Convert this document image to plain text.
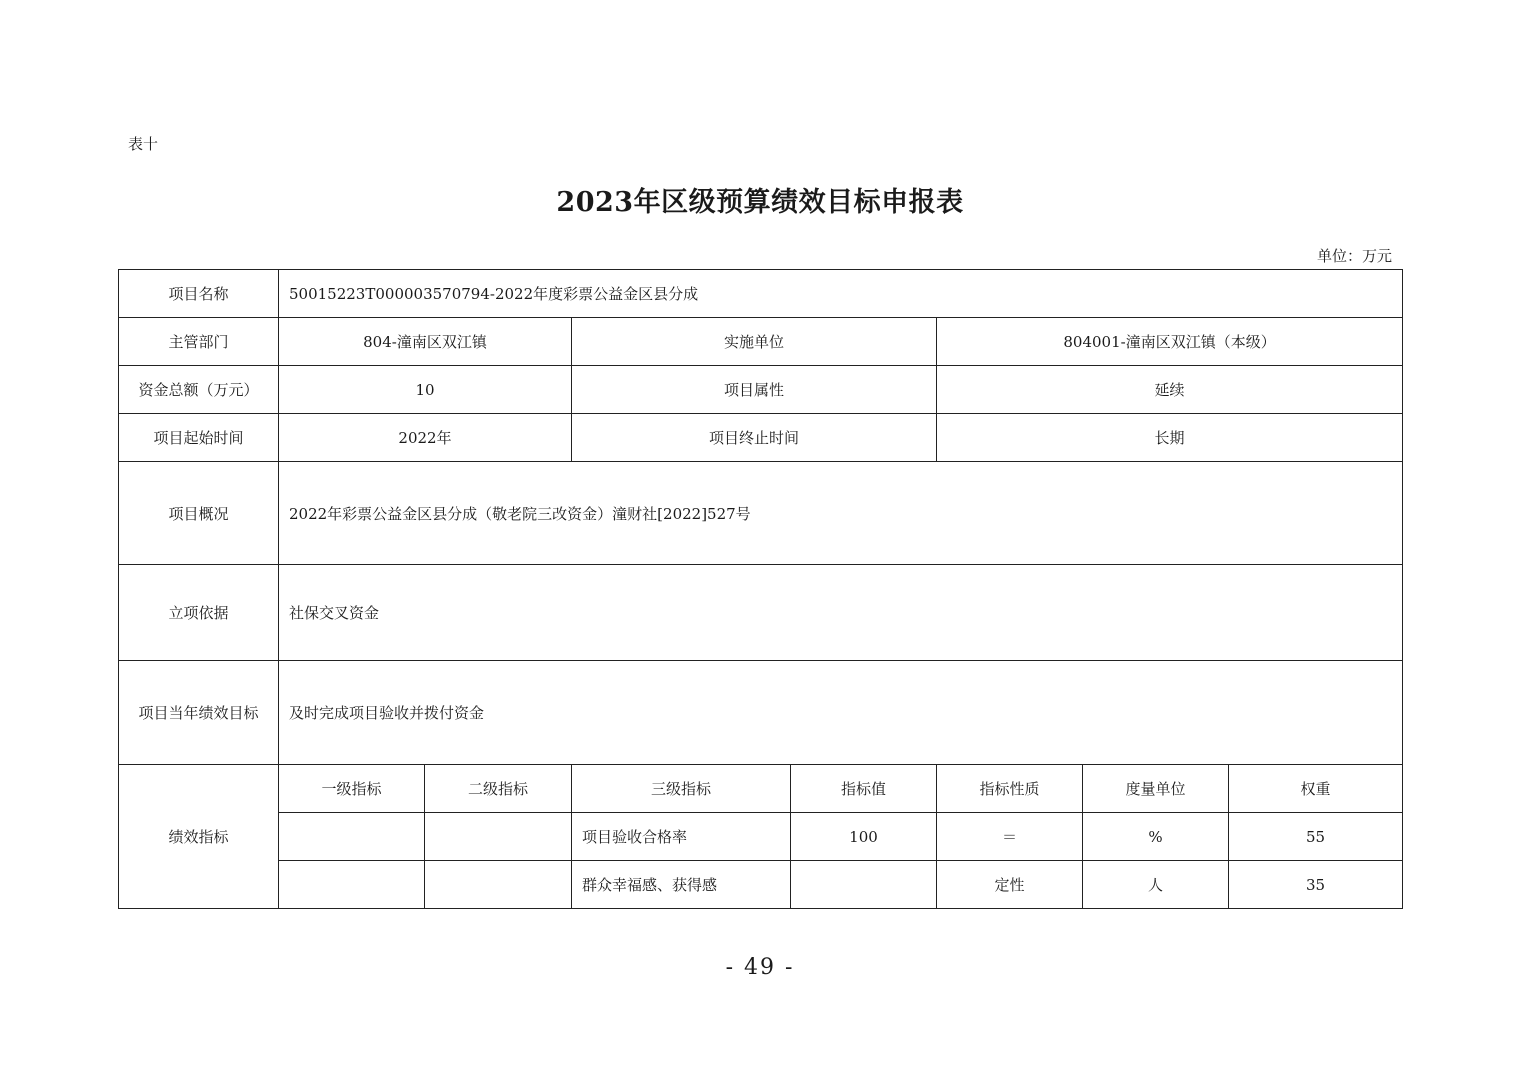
表十
2023年区级预算绩效目标申报表
单位：万元
项目名称	50015223T000003570794-2022年度彩票公益金区县分成						
主管部门	804-潼南区双江镇		实施单位		804001-潼南区双江镇（本级）		
资金总额（万元）	10		项目属性		延续		
项目起始时间	2022年		项目终止时间		长期		
项目概况	2022年彩票公益金区县分成（敬老院三改资金）潼财社[2022]527号						
立项依据	社保交叉资金						
项目当年绩效目标	及时完成项目验收并拨付资金						
绩效指标	一级指标	二级指标	三级指标	指标值	指标性质	度量单位	权重
			项目验收合格率	100	＝	%	55
			群众幸福感、获得感		定性	人	35
- 49 -
